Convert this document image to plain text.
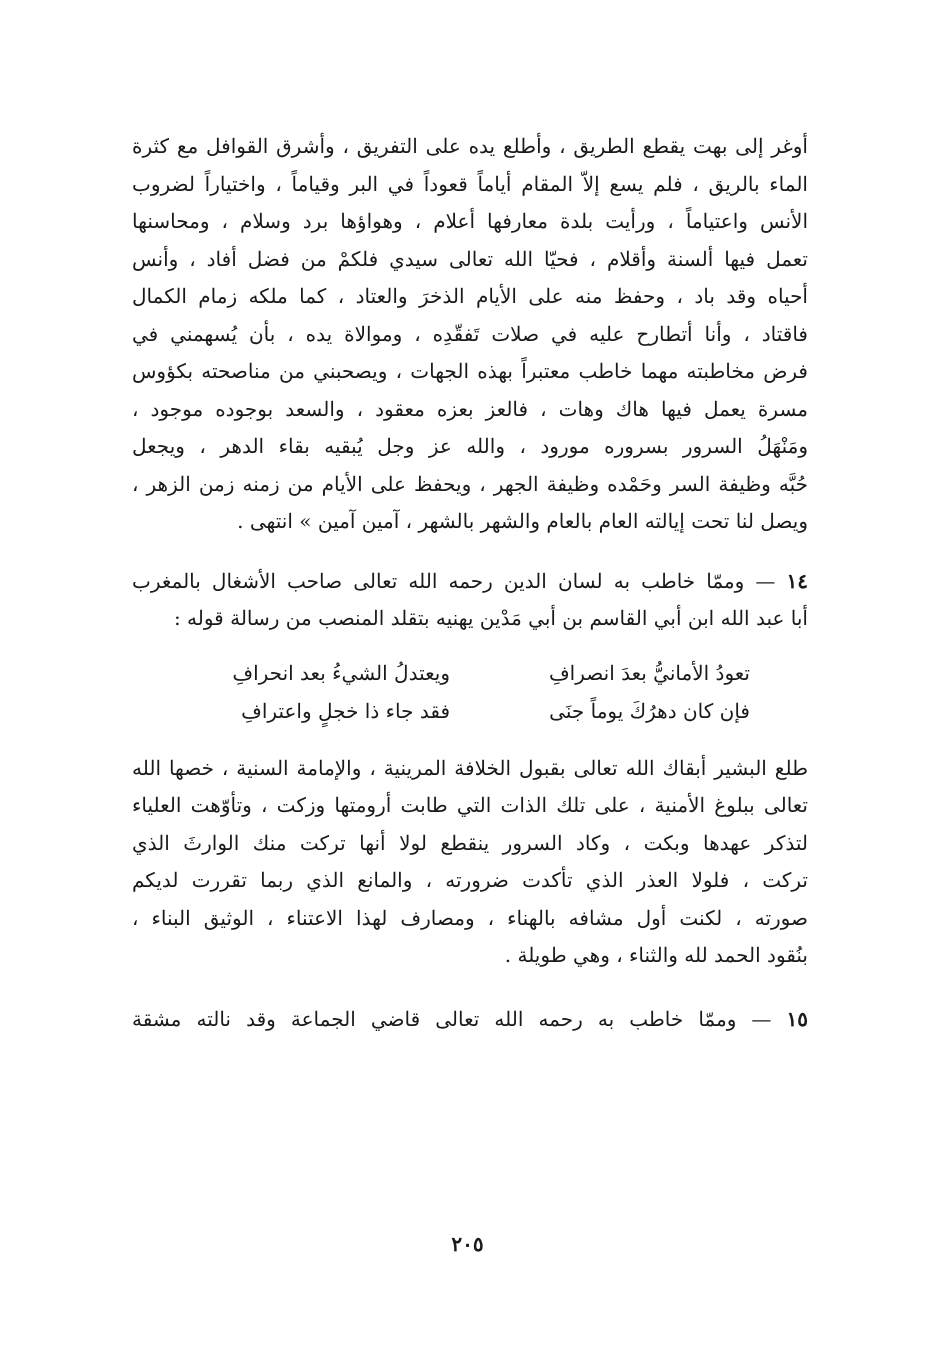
أوغر إلى بهت يقطع الطريق ، وأطلع يده على التفريق ، وأشرق القوافل مع كثرة

الماء بالريق ، فلم يسع إلاّ المقام أياماً قعوداً في البر وقياماً ، واختياراً لضروب

الأنس واعتياماً ، ورأيت بلدة معارفها أعلام ، وهواؤها برد وسلام ، ومحاسنها

تعمل فيها ألسنة وأقلام ، فحيّا الله تعالى سيدي فلكمْ من فضل أفاد ، وأنس

أحياه وقد باد ، وحفظ منه على الأيام الذخرَ والعتاد ، كما ملكه زمام الكمال

فاقتاد ، وأنا أتطارح عليه في صلات تَفقّدِه ، وموالاة يده ، بأن يُسهمني في

فرض مخاطبته مهما خاطب معتبراً بهذه الجهات ، ويصحبني من مناصحته بكؤوس

مسرة يعمل فيها هاك وهات ، فالعز بعزه معقود ، والسعد بوجوده موجود ،

ومَنْهَلُ السرور بسروره مورود ، والله عز وجل يُبقيه بقاء الدهر ، ويجعل

حُبَّه وظيفة السر وحَمْده وظيفة الجهر ، ويحفظ على الأيام من زمنه زمن الزهر ،

ويصل لنا تحت إيالته العام بالعام والشهر بالشهر ، آمين آمين » انتهى .

١٤ — وممّا خاطب به لسان الدين رحمه الله تعالى صاحب الأشغال بالمغرب

أبا عبد الله ابن أبي القاسم بن أبي مَدْين يهنيه بتقلد المنصب من رسالة قوله :

تعودُ الأمانيُّ بعدَ انصرافِ
ويعتدلُ الشيءُ بعد انحرافِ
فإن كان دهرُكَ يوماً جنَى
فقد جاء ذا خجلٍ واعترافِ

طلع البشير أبقاك الله تعالى بقبول الخلافة المرينية ، والإمامة السنية ، خصها الله

تعالى ببلوغ الأمنية ، على تلك الذات التي طابت أرومتها وزكت ، وتأوّهت العلياء

لتذكر عهدها وبكت ، وكاد السرور ينقطع لولا أنها تركت منك الوارثَ الذي

تركت ، فلولا العذر الذي تأكدت ضرورته ، والمانع الذي ربما تقررت لديكم

صورته ، لكنت أول مشافه بالهناء ، ومصارف لهذا الاعتناء ، الوثيق البناء ،

بنُقود الحمد لله والثناء ، وهي طويلة .

١٥ — وممّا خاطب به رحمه الله تعالى قاضي الجماعة وقد نالته مشقة

٢٠٥
